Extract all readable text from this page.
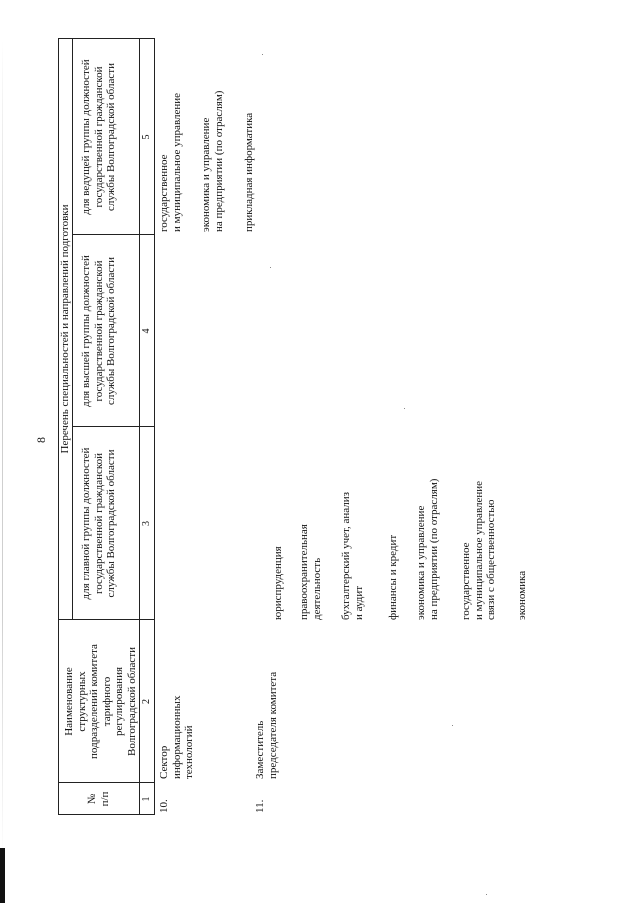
8
№
п/п
Наименование
структурных
подразделений комитета
тарифного
регулирования
Волгоградской области
Перечень специальностей и направлений подготовки для высшей группы должностей
государственной гражданской
службы Волгоградской области
для главной группы должностей
государственной гражданской
службы Волгоградской области
для ведущей группы должностей
государственной гражданской
службы Волгоградской области
1
2
3
4
5
10.
Сектор
информационных
технологий
государственное
и муниципальное управление
экономика и управление
на предприятии (по отраслям) прикладная информатика
11.
Заместитель
председателя комитета
юриспруденция правоохранительная
деятельность бухгалтерский учет, анализ
и аудит финансы и кредит экономика и управление
на предприятии (по отраслям)
государственное
и муниципальное управление
связи с общественностью
экономика
